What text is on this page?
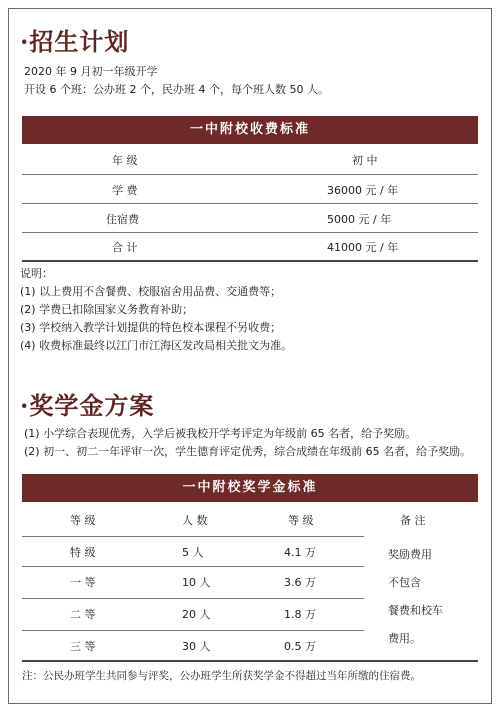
·招生计划
2020 年 9 月初一年级开学
开设 6 个班：公办班 2 个，民办班 4 个，每个班人数 50 人。
一中附校收费标准
年 级	初 中
学 费	36000 元 / 年
住宿费	5000 元 / 年
合 计	41000 元 / 年
说明：
(1) 以上费用不含餐费、校服宿舍用品费、交通费等；
(2) 学费已扣除国家义务教育补助；
(3) 学校纳入教学计划提供的特色校本课程不另收费；
(4) 收费标准最终以江门市江海区发改局相关批文为准。
·奖学金方案
(1) 小学综合表现优秀，入学后被我校开学考评定为年级前 65 名者，给予奖励。
(2) 初一、初二一年评审一次，学生德育评定优秀，综合成绩在年级前 65 名者，给予奖励。
一中附校奖学金标准
等 级	人 数	等 级	备 注
特 级	5 人	4.1 万
一 等	10 人	3.6 万
二 等	20 人	1.8 万
三 等	30 人	0.5 万
奖励费用
不包含
餐费和校车
费用。
注：公民办班学生共同参与评奖，公办班学生所获奖学金不得超过当年所缴的住宿费。
